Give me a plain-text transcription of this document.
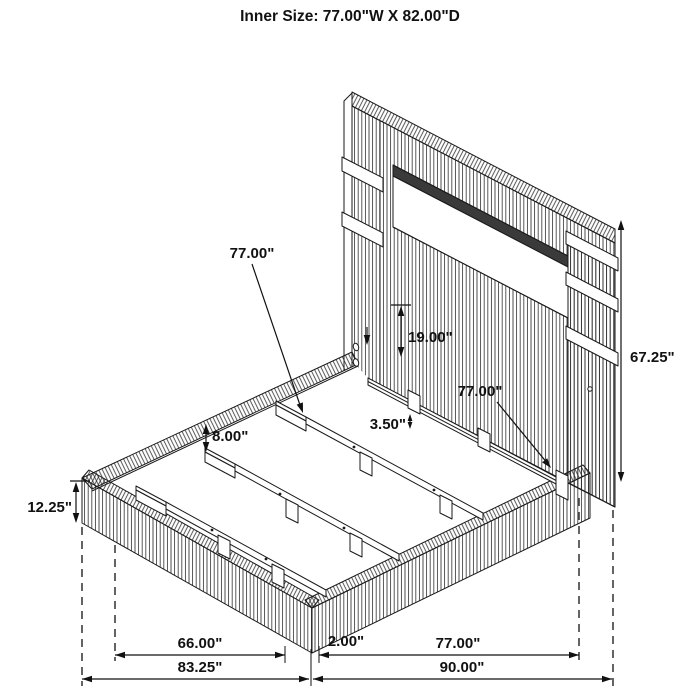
Inner Size: 77.00"W X 82.00"D
77.00"
19.00"
67.25"
8.00"
3.50"
77.00"
12.25"
66.00"	2.00"	77.00"
83.25"	90.00"
